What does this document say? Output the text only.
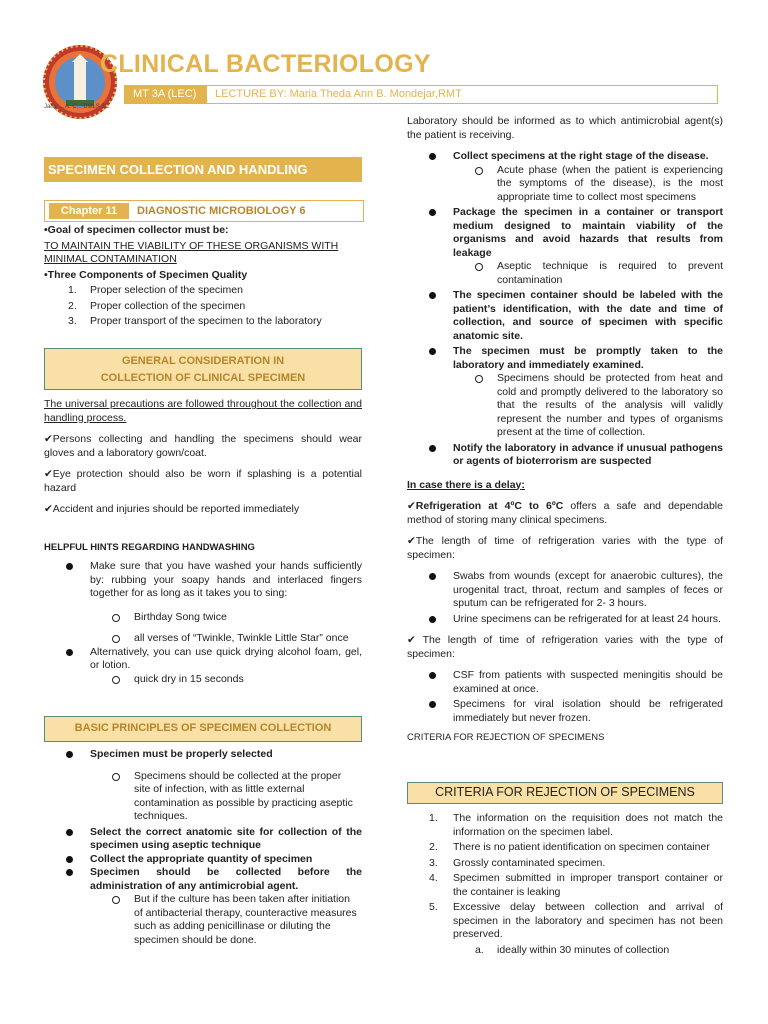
CLINICAL BACTERIOLOGY
MT 3A (LEC)	LECTURE BY: Maria Theda Ann B. Mondejar,RMT
Jane ... A. C... BMLS 2C
SPECIMEN COLLECTION AND HANDLING
Chapter 11	DIAGNOSTIC MICROBIOLOGY 6

•Goal of specimen collector must be:

TO MAINTAIN THE VIABILITY OF THESE ORGANISMS WITH MINIMAL CONTAMINATION

•Three Components of Specimen Quality

1. Proper selection of the specimen
2. Proper collection of the specimen
3. Proper transport of the specimen to the laboratory
GENERAL CONSIDERATION IN COLLECTION OF CLINICAL SPECIMEN

The universal precautions are followed throughout the collection and handling process.

✔Persons collecting and handling the specimens should wear gloves and a laboratory gown/coat.

✔Eye protection should also be worn if splashing is a potential hazard

✔Accident and injuries should be reported immediately

HELPFUL HINTS REGARDING HANDWASHING
Make sure that you have washed your hands sufficiently by: rubbing your soapy hands and interlaced fingers together for as long as it takes you to sing:
Birthday Song twice
all verses of “Twinkle, Twinkle Little Star” once
Alternatively, you can use quick drying alcohol foam, gel, or lotion.
quick dry in 15 seconds
BASIC PRINCIPLES OF SPECIMEN COLLECTION
Specimen must be properly selected
Specimens should be collected at the proper site of infection, with as little external contamination as possible by practicing aseptic techniques.
Select the correct anatomic site for collection of the specimen using aseptic technique
Collect the appropriate quantity of specimen
Specimen should be collected before the administration of any antimicrobial agent.
But if the culture has been taken after initiation of antibacterial therapy, counteractive measures such as adding penicillinase or diluting the specimen should be done.

Laboratory should be informed as to which antimicrobial agent(s) the patient is receiving.

Collect specimens at the right stage of the disease.
Acute phase (when the patient is experiencing the symptoms of the disease), is the most appropriate time to collect most specimens
Package the specimen in a container or transport medium designed to maintain viability of the organisms and avoid hazards that results from leakage
Aseptic technique is required to prevent contamination
The specimen container should be labeled with the patient’s identification, with the date and time of collection, and source of specimen with specific anatomic site.
The specimen must be promptly taken to the laboratory and immediately examined.
Specimens should be protected from heat and cold and promptly delivered to the laboratory so that the results of the analysis will validly represent the number and types of organisms present at the time of collection.
Notify the laboratory in advance if unusual pathogens or agents of bioterrorism are suspected

In case there is a delay:

✔Refrigeration at 4ºC to 6ºC offers a safe and dependable method of storing many clinical specimens.

✔The length of time of refrigeration varies with the type of specimen:

Swabs from wounds (except for anaerobic cultures), the urogenital tract, throat, rectum and samples of feces or sputum can be refrigerated for 2- 3 hours.
Urine specimens can be refrigerated for at least 24 hours.

✔ The length of time of refrigeration varies with the type of specimen:

CSF from patients with suspected meningitis should be examined at once.
Specimens for viral isolation should be refrigerated immediately but never frozen.

CRITERIA FOR REJECTION OF SPECIMENS

CRITERIA FOR REJECTION OF SPECIMENS
1. The information on the requisition does not match the information on the specimen label.
2. There is no patient identification on specimen container
3. Grossly contaminated specimen.
4. Specimen submitted in improper transport container or the container is leaking
5. Excessive delay between collection and arrival of specimen in the laboratory and specimen has not been preserved.
a. ideally within 30 minutes of collection
